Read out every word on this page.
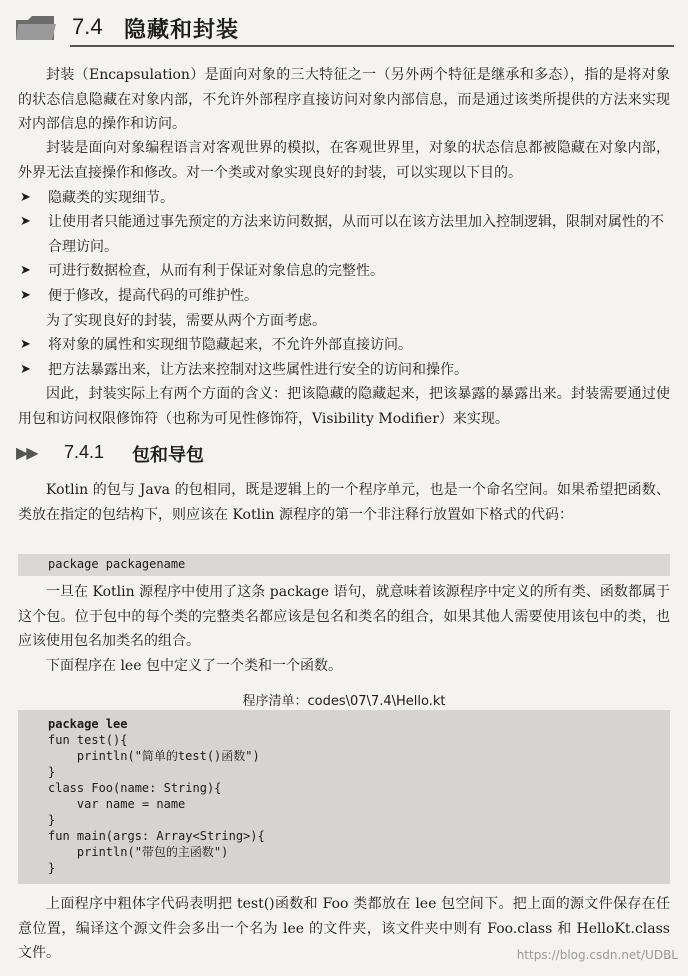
7.4 隐藏和封装

封装（Encapsulation）是面向对象的三大特征之一（另外两个特征是继承和多态），指的是将对象的状态信息隐藏在对象内部，不允许外部程序直接访问对象内部信息，而是通过该类所提供的方法来实现对内部信息的操作和访问。

封装是面向对象编程语言对客观世界的模拟，在客观世界里，对象的状态信息都被隐藏在对象内部，外界无法直接操作和修改。对一个类或对象实现良好的封装，可以实现以下目的。

➤ 隐藏类的实现细节。
➤ 让使用者只能通过事先预定的方法来访问数据，从而可以在该方法里加入控制逻辑，限制对属性的不合理访问。
➤ 可进行数据检查，从而有利于保证对象信息的完整性。
➤ 便于修改，提高代码的可维护性。

为了实现良好的封装，需要从两个方面考虑。

➤ 将对象的属性和实现细节隐藏起来，不允许外部直接访问。
➤ 把方法暴露出来，让方法来控制对这些属性进行安全的访问和操作。

因此，封装实际上有两个方面的含义：把该隐藏的隐藏起来，把该暴露的暴露出来。封装需要通过使用包和访问权限修饰符（也称为可见性修饰符，Visibility Modifier）来实现。

▶▶ 7.4.1 包和导包

Kotlin 的包与 Java 的包相同，既是逻辑上的一个程序单元，也是一个命名空间。如果希望把函数、类放在指定的包结构下，则应该在 Kotlin 源程序的第一个非注释行放置如下格式的代码：

package packagename

一旦在 Kotlin 源程序中使用了这条 package 语句，就意味着该源程序中定义的所有类、函数都属于这个包。位于包中的每个类的完整类名都应该是包名和类名的组合，如果其他人需要使用该包中的类，也应该使用包名加类名的组合。

下面程序在 lee 包中定义了一个类和一个函数。

程序清单：codes\07\7.4\Hello.kt
package lee
fun test(){
println("简单的test()函数")
}
class Foo(name: String){
var name = name
}
fun main(args: Array<String>){
println("带包的主函数")
}

上面程序中粗体字代码表明把 test()函数和 Foo 类都放在 lee 包空间下。把上面的源文件保存在任意位置，编译这个源文件会多出一个名为 lee 的文件夹，该文件夹中则有 Foo.class 和 HelloKt.class 文件。	https://blog.csdn.net/UDBL
